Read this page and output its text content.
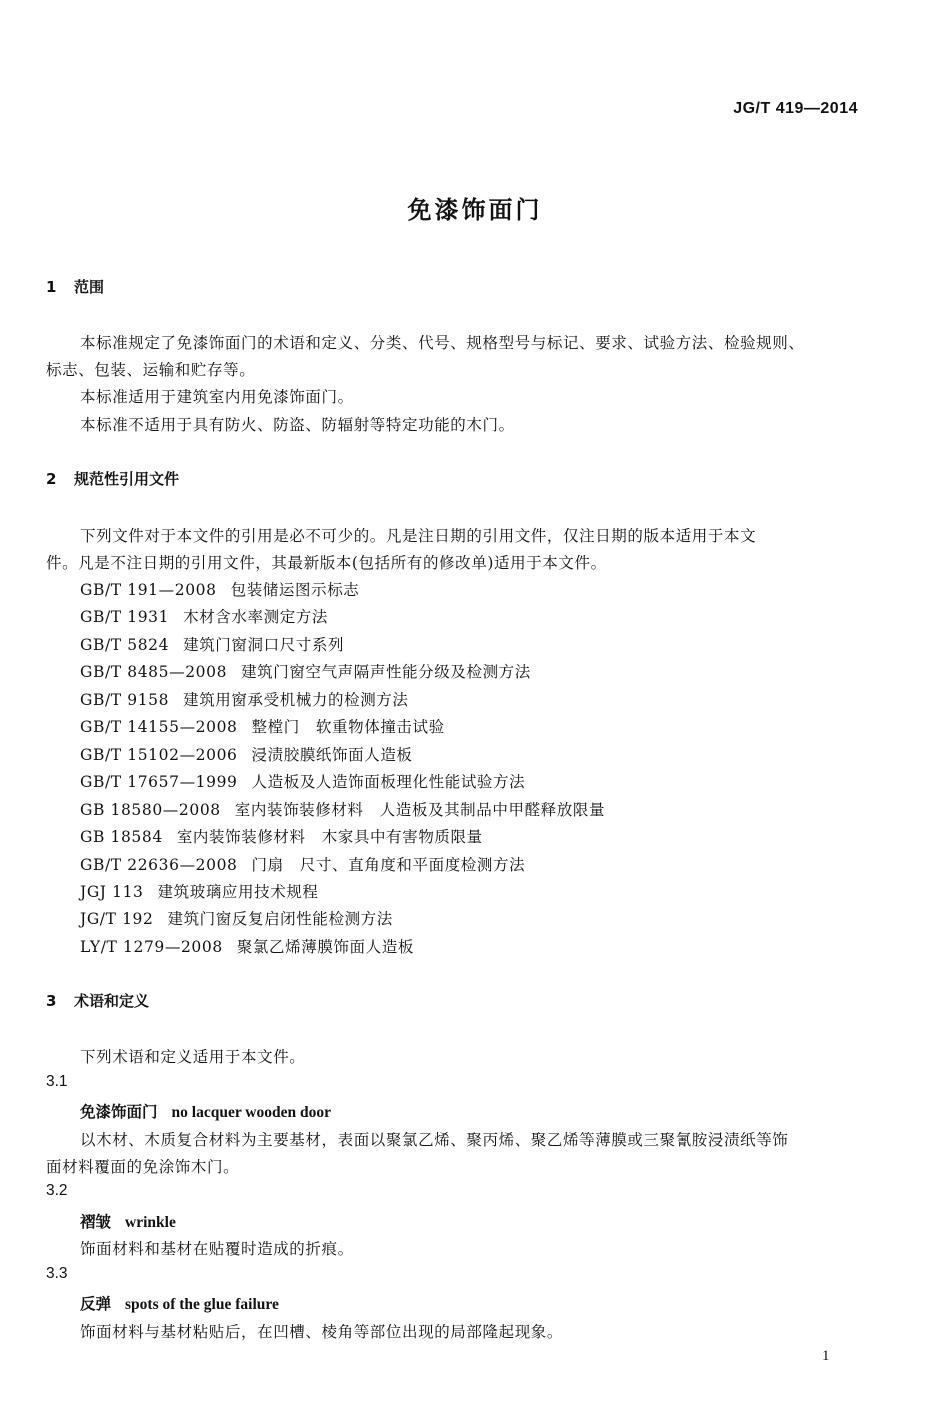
JG/T 419—2014
免漆饰面门
1 范围
本标准规定了免漆饰面门的术语和定义、分类、代号、规格型号与标记、要求、试验方法、检验规则、
标志、包装、运输和贮存等。
本标准适用于建筑室内用免漆饰面门。
本标准不适用于具有防火、防盗、防辐射等特定功能的木门。
2 规范性引用文件
下列文件对于本文件的引用是必不可少的。凡是注日期的引用文件，仅注日期的版本适用于本文
件。凡是不注日期的引用文件，其最新版本(包括所有的修改单)适用于本文件。
GB/T 191—2008 包装储运图示标志
GB/T 1931 木材含水率测定方法
GB/T 5824 建筑门窗洞口尺寸系列
GB/T 8485—2008 建筑门窗空气声隔声性能分级及检测方法
GB/T 9158 建筑用窗承受机械力的检测方法
GB/T 14155—2008 整樘门　软重物体撞击试验
GB/T 15102—2006 浸渍胶膜纸饰面人造板
GB/T 17657—1999 人造板及人造饰面板理化性能试验方法
GB 18580—2008 室内装饰装修材料　人造板及其制品中甲醛释放限量
GB 18584 室内装饰装修材料　木家具中有害物质限量
GB/T 22636—2008 门扇　尺寸、直角度和平面度检测方法
JGJ 113 建筑玻璃应用技术规程
JG/T 192 建筑门窗反复启闭性能检测方法
LY/T 1279—2008 聚氯乙烯薄膜饰面人造板
3 术语和定义
下列术语和定义适用于本文件。
3.1
免漆饰面门 no lacquer wooden door
以木材、木质复合材料为主要基材，表面以聚氯乙烯、聚丙烯、聚乙烯等薄膜或三聚氰胺浸渍纸等饰
面材料覆面的免涂饰木门。
3.2
褶皱 wrinkle
饰面材料和基材在贴覆时造成的折痕。
3.3
反弹 spots of the glue failure
饰面材料与基材粘贴后，在凹槽、棱角等部位出现的局部隆起现象。
1
